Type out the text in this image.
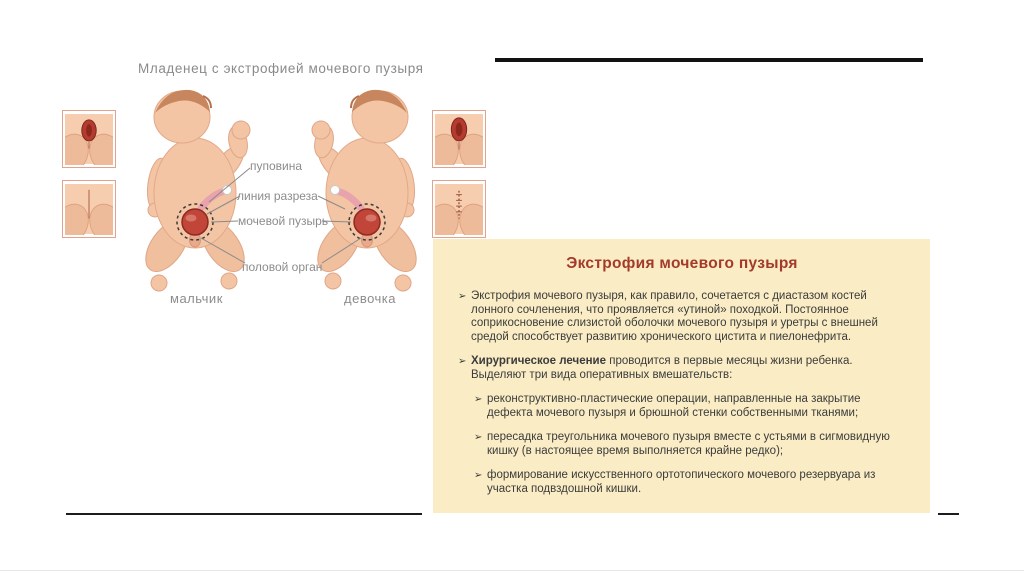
Младенец с экстрофией мочевого пузыря
пуповина
линия разреза
мочевой пузырь
половой орган
мальчик	девочка
Экстрофия мочевого пузыря
➢ Экстрофия мочевого пузыря, как правило, сочетается с диастазом костей лонного сочленения, что проявляется «утиной» походкой. Постоянное соприкосновение слизистой оболочки мочевого пузыря и уретры с внешней средой способствует развитию хронического цистита и пиелонефрита.
➢ Хирургическое лечение проводится в первые месяцы жизни ребенка. Выделяют три вида оперативных вмешательств:
➢ реконструктивно-пластические операции, направленные на закрытие дефекта мочевого пузыря и брюшной стенки собственными тканями;
➢ пересадка треугольника мочевого пузыря вместе с устьями в сигмовидную кишку (в настоящее время выполняется крайне редко);
➢ формирование искусственного ортотопического мочевого резервуара из участка подвздошной кишки.
